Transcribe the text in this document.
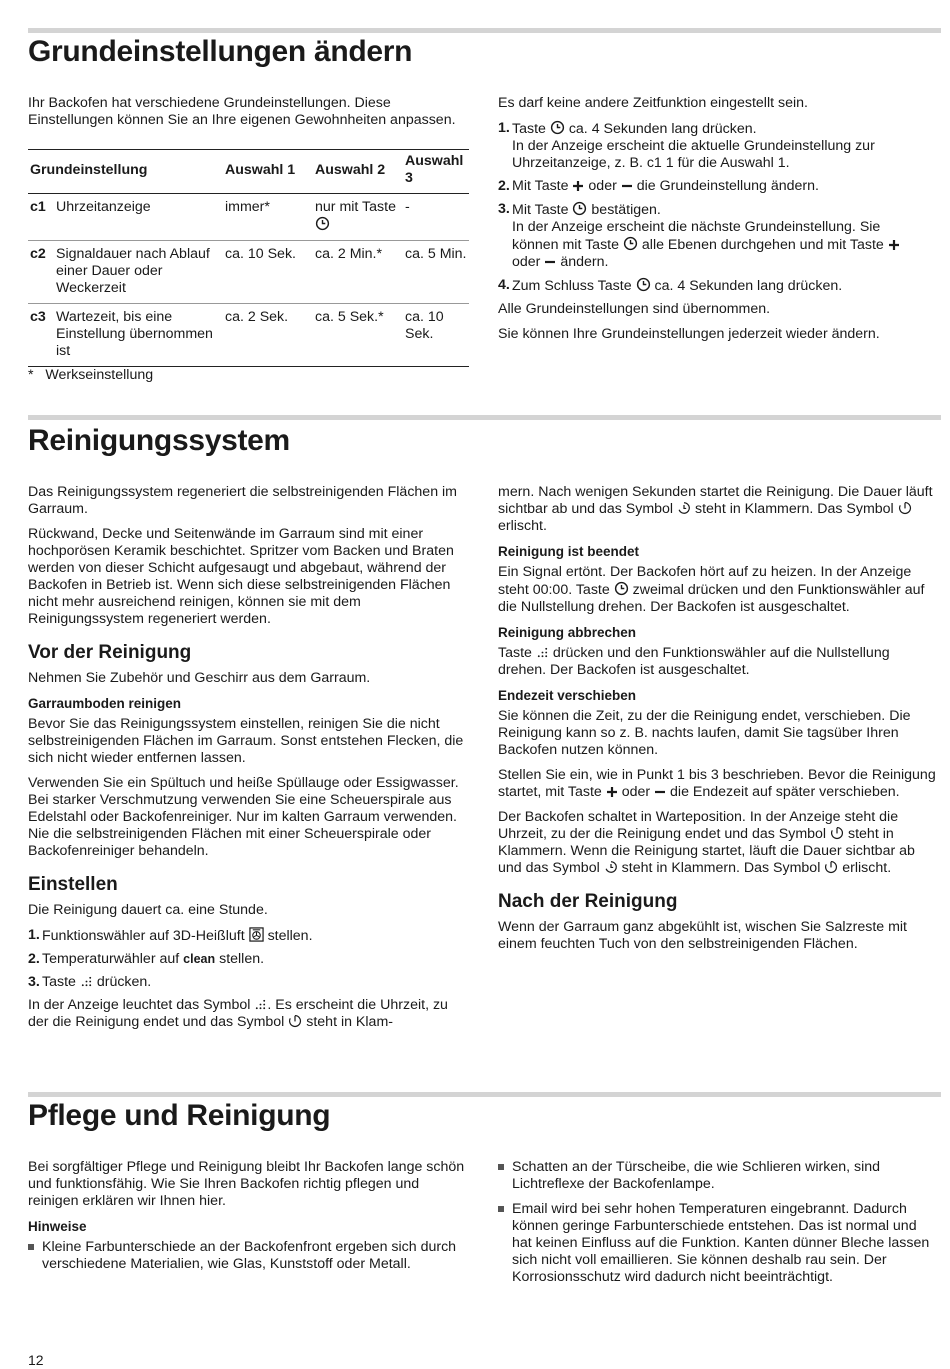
Grundeinstellungen ändern

Ihr Backofen hat verschiedene Grundeinstellungen. Diese Einstellungen können Sie an Ihre eigenen Gewohnheiten anpassen.

Grundeinstellung		Auswahl 1	Auswahl 2	Auswahl 3
c1	Uhrzeitanzeige	immer*	nur mit Taste	-
c2	Signaldauer nach Ablauf einer Dauer oder Weckerzeit	ca. 10 Sek.	ca. 2 Min.*	ca. 5 Min.
c3	Wartezeit, bis eine Einstellung übernommen ist	ca. 2 Sek.	ca. 5 Sek.*	ca. 10 Sek.

*   Werkseinstellung

Es darf keine andere Zeitfunktion eingestellt sein.

1. Taste ca. 4 Sekunden lang drücken.
In der Anzeige erscheint die aktuelle Grundeinstellung zur Uhrzeitanzeige, z. B. c1 1 für die Auswahl 1.
2. Mit Taste oder die Grundeinstellung ändern.
3. Mit Taste bestätigen.
In der Anzeige erscheint die nächste Grundeinstellung. Sie können mit Taste alle Ebenen durchgehen und mit Taste  oder ändern.
4. Zum Schluss Taste ca. 4 Sekunden lang drücken.

Alle Grundeinstellungen sind übernommen.

Sie können Ihre Grundeinstellungen jederzeit wieder ändern.

Reinigungssystem

Das Reinigungssystem regeneriert die selbstreinigenden Flächen im Garraum.

Rückwand, Decke und Seitenwände im Garraum sind mit einer hochporösen Keramik beschichtet. Spritzer vom Backen und Braten werden von dieser Schicht aufgesaugt und abgebaut, während der Backofen in Betrieb ist. Wenn sich diese selbstreinigenden Flächen nicht mehr ausreichend reinigen, können sie mit dem Reinigungssystem regeneriert werden.

Vor der Reinigung

Nehmen Sie Zubehör und Geschirr aus dem Garraum.

Garraumboden reinigen

Bevor Sie das Reinigungssystem einstellen, reinigen Sie die nicht selbstreinigenden Flächen im Garraum. Sonst entstehen Flecken, die sich nicht wieder entfernen lassen.

Verwenden Sie ein Spültuch und heiße Spüllauge oder Essigwasser. Bei starker Verschmutzung verwenden Sie eine Scheuerspirale aus Edelstahl oder Backofenreiniger. Nur im kalten Garraum verwenden. Nie die selbstreinigenden Flächen mit einer Scheuerspirale oder Backofenreiniger behandeln.

Einstellen

Die Reinigung dauert ca. eine Stunde.

1. Funktionswähler auf 3D-Heißluft stellen.
2. Temperaturwähler auf clean stellen.
3. Taste drücken.

In der Anzeige leuchtet das Symbol . Es erscheint die Uhrzeit, zu der die Reinigung endet und das Symbol steht in Klam-

mern. Nach wenigen Sekunden startet die Reinigung. Die Dauer läuft sichtbar ab und das Symbol steht in Klammern. Das Symbol  erlischt.

Reinigung ist beendet

Ein Signal ertönt. Der Backofen hört auf zu heizen. In der Anzeige steht 00:00. Taste zweimal drücken und den Funktionswähler auf die Nullstellung drehen. Der Backofen ist ausgeschaltet.

Reinigung abbrechen

Taste drücken und den Funktionswähler auf die Nullstellung drehen. Der Backofen ist ausgeschaltet.

Endezeit verschieben

Sie können die Zeit, zu der die Reinigung endet, verschieben. Die Reinigung kann so z. B. nachts laufen, damit Sie tagsüber Ihren Backofen nutzen können.

Stellen Sie ein, wie in Punkt 1 bis 3 beschrieben. Bevor die Reinigung startet, mit Taste oder die Endezeit auf später verschieben.

Der Backofen schaltet in Warteposition. In der Anzeige steht die Uhrzeit, zu der die Reinigung endet und das Symbol steht in Klammern. Wenn die Reinigung startet, läuft die Dauer sichtbar ab und das Symbol steht in Klammern. Das Symbol erlischt.

Nach der Reinigung

Wenn der Garraum ganz abgekühlt ist, wischen Sie Salzreste mit einem feuchten Tuch von den selbstreinigenden Flächen.

Pflege und Reinigung

Bei sorgfältiger Pflege und Reinigung bleibt Ihr Backofen lange schön und funktionsfähig. Wie Sie Ihren Backofen richtig pflegen und reinigen erklären wir Ihnen hier.

Hinweise
Kleine Farbunterschiede an der Backofenfront ergeben sich durch verschiedene Materialien, wie Glas, Kunststoff oder Metall.
Schatten an der Türscheibe, die wie Schlieren wirken, sind Lichtreflexe der Backofenlampe.
Email wird bei sehr hohen Temperaturen eingebrannt. Dadurch können geringe Farbunterschiede entstehen. Das ist normal und hat keinen Einfluss auf die Funktion. Kanten dünner Bleche lassen sich nicht voll emaillieren. Sie können deshalb rau sein. Der Korrosionsschutz wird dadurch nicht beeinträchtigt.
12
